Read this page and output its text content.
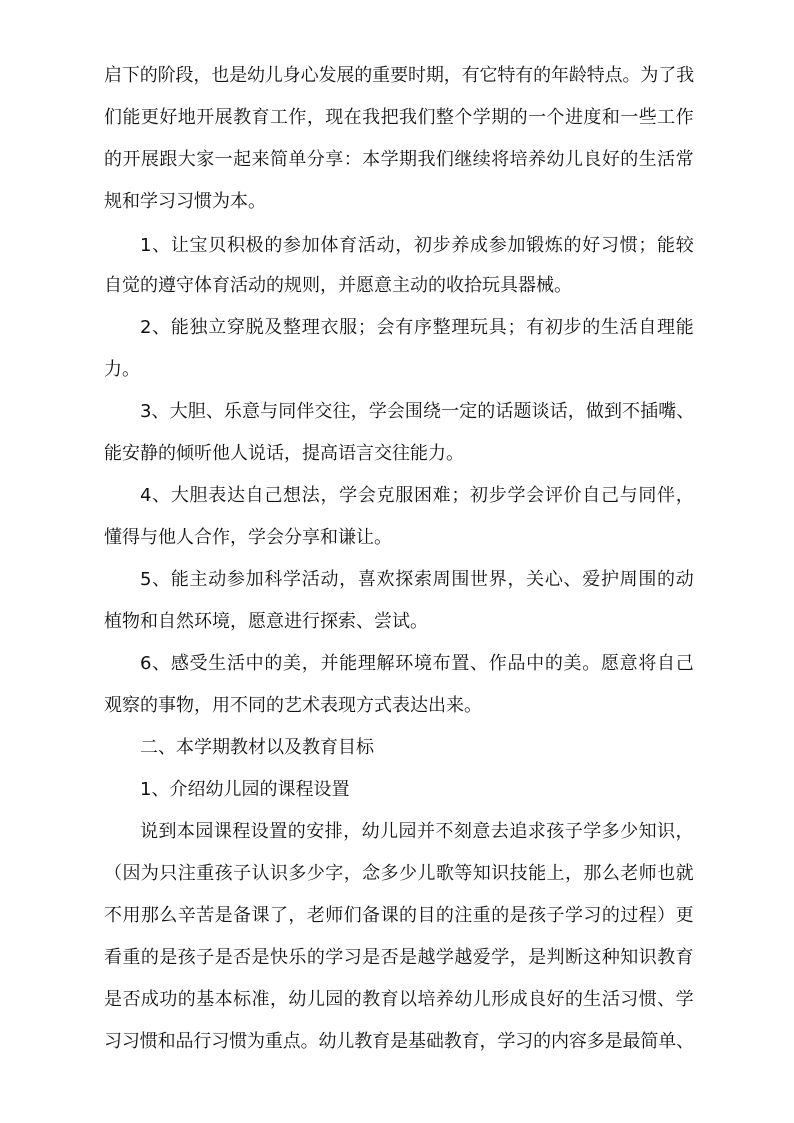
启下的阶段，也是幼儿身心发展的重要时期，有它特有的年龄特点。为了我
们能更好地开展教育工作，现在我把我们整个学期的一个进度和一些工作
的开展跟大家一起来简单分享：本学期我们继续将培养幼儿良好的生活常
规和学习习惯为本。
1、让宝贝积极的参加体育活动，初步养成参加锻炼的好习惯；能较
自觉的遵守体育活动的规则，并愿意主动的收拾玩具器械。
2、能独立穿脱及整理衣服；会有序整理玩具；有初步的生活自理能
力。
3、大胆、乐意与同伴交往，学会围绕一定的话题谈话，做到不插嘴、
能安静的倾听他人说话，提高语言交往能力。
4、大胆表达自己想法，学会克服困难；初步学会评价自己与同伴，
懂得与他人合作，学会分享和谦让。
5、能主动参加科学活动，喜欢探索周围世界，关心、爱护周围的动
植物和自然环境，愿意进行探索、尝试。
6、感受生活中的美，并能理解环境布置、作品中的美。愿意将自己
观察的事物，用不同的艺术表现方式表达出来。
二、本学期教材以及教育目标
1、介绍幼儿园的课程设置
说到本园课程设置的安排，幼儿园并不刻意去追求孩子学多少知识，
（因为只注重孩子认识多少字，念多少儿歌等知识技能上，那么老师也就
不用那么辛苦是备课了，老师们备课的目的注重的是孩子学习的过程）更
看重的是孩子是否是快乐的学习是否是越学越爱学，是判断这种知识教育
是否成功的基本标准，幼儿园的教育以培养幼儿形成良好的生活习惯、学
习习惯和品行习惯为重点。幼儿教育是基础教育，学习的内容多是最简单、
